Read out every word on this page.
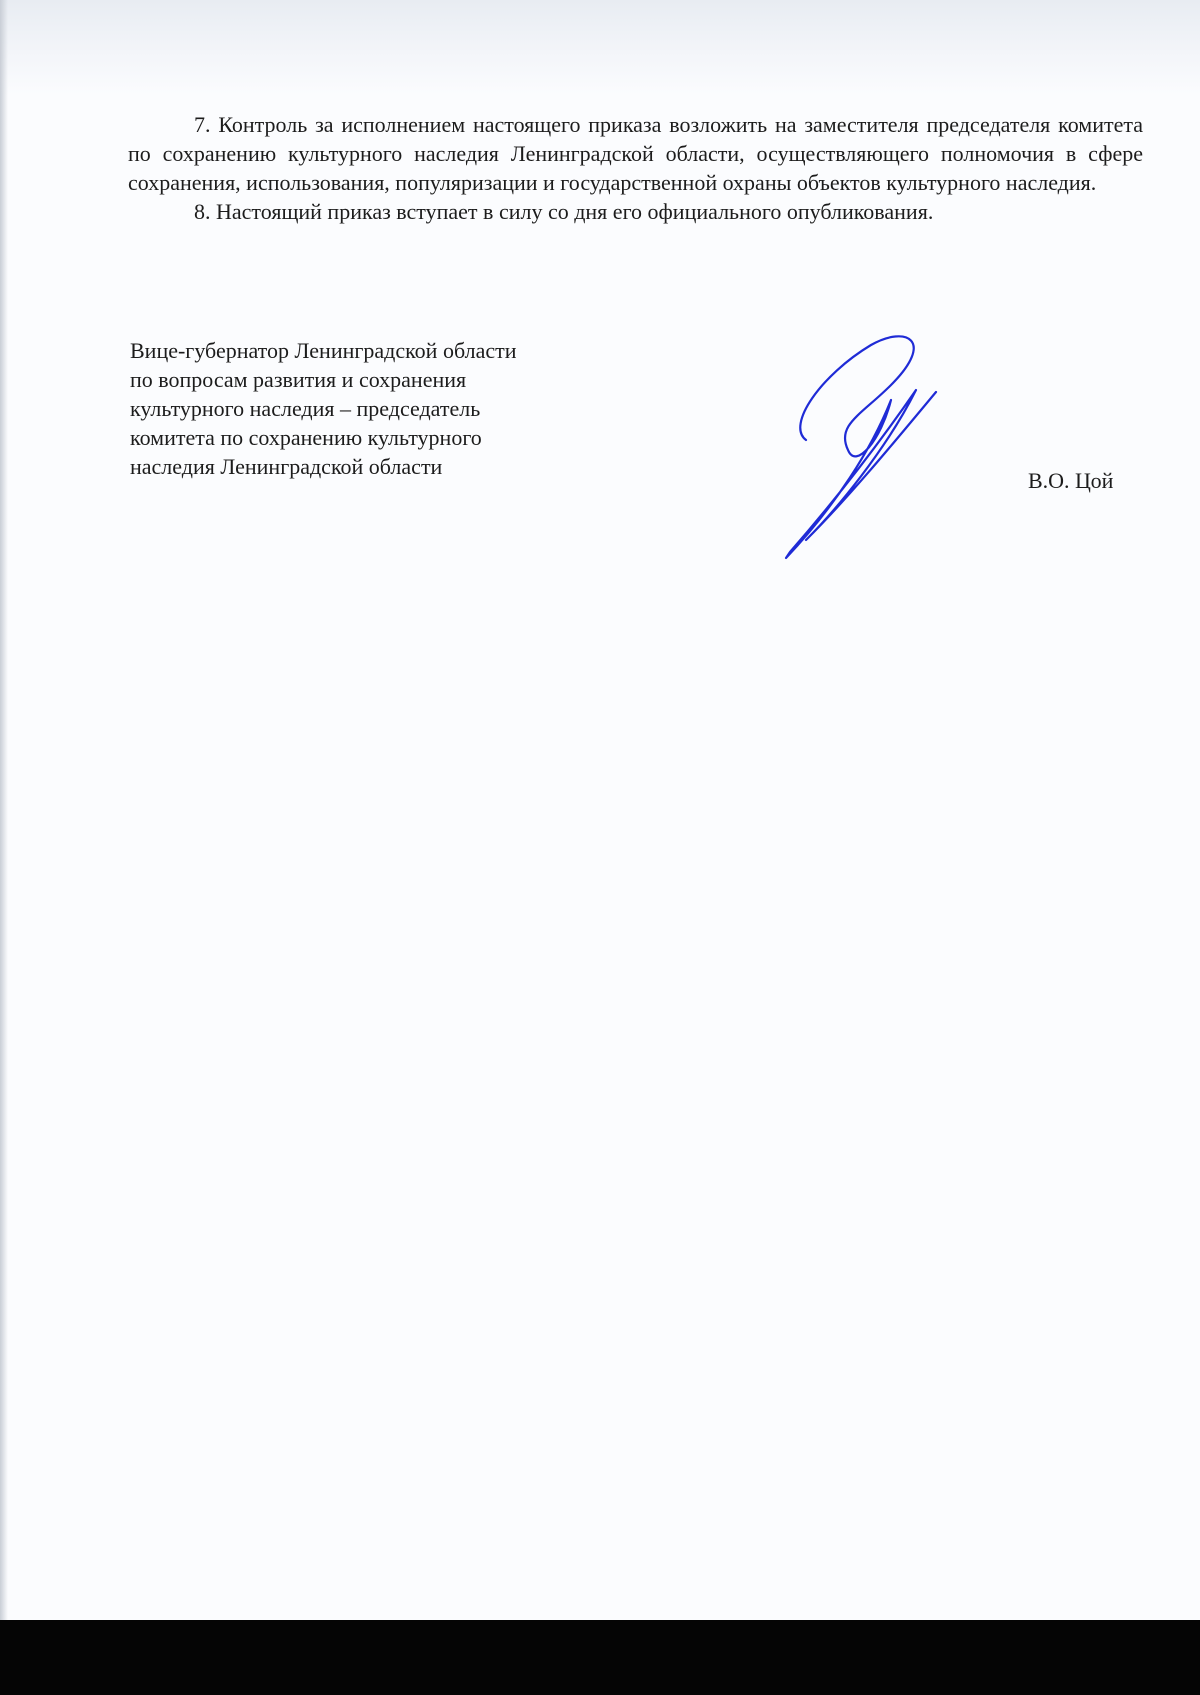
7. Контроль за исполнением настоящего приказа возложить на заместителя председателя комитета по сохранению культурного наследия Ленинградской области, осуществляющего полномочия в сфере сохранения, использования, популяризации и государственной охраны объектов культурного наследия.

8. Настоящий приказ вступает в силу со дня его официального опубликования.

Вице-губернатор Ленинградской области
по вопросам развития и сохранения
культурного наследия – председатель
комитета по сохранению культурного
наследия Ленинградской области
В.О. Цой
